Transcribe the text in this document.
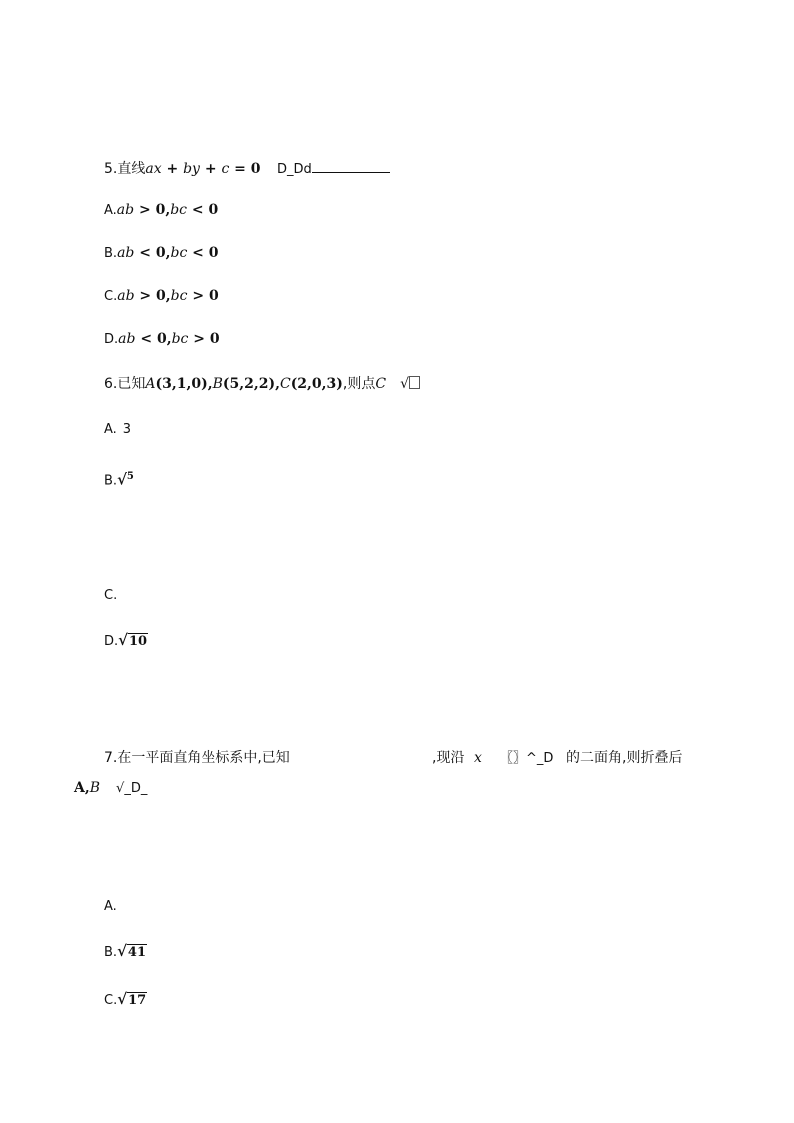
5.直线ax + by + c = 0 D_Dd
A.ab > 0,bc < 0
B.ab < 0,bc < 0
C.ab > 0,bc > 0
D.ab < 0,bc > 0
6.已知A(3,1,0),B(5,2,2),C(2,0,3),则点C √
A. 3
B.√$^5$
C.
D.√10
7.在一平面直角坐标系中,已知	,现沿 x 〖〗^_D 的二面角,则折叠后
A,B √_D_
A.
B.√41
C.√17
